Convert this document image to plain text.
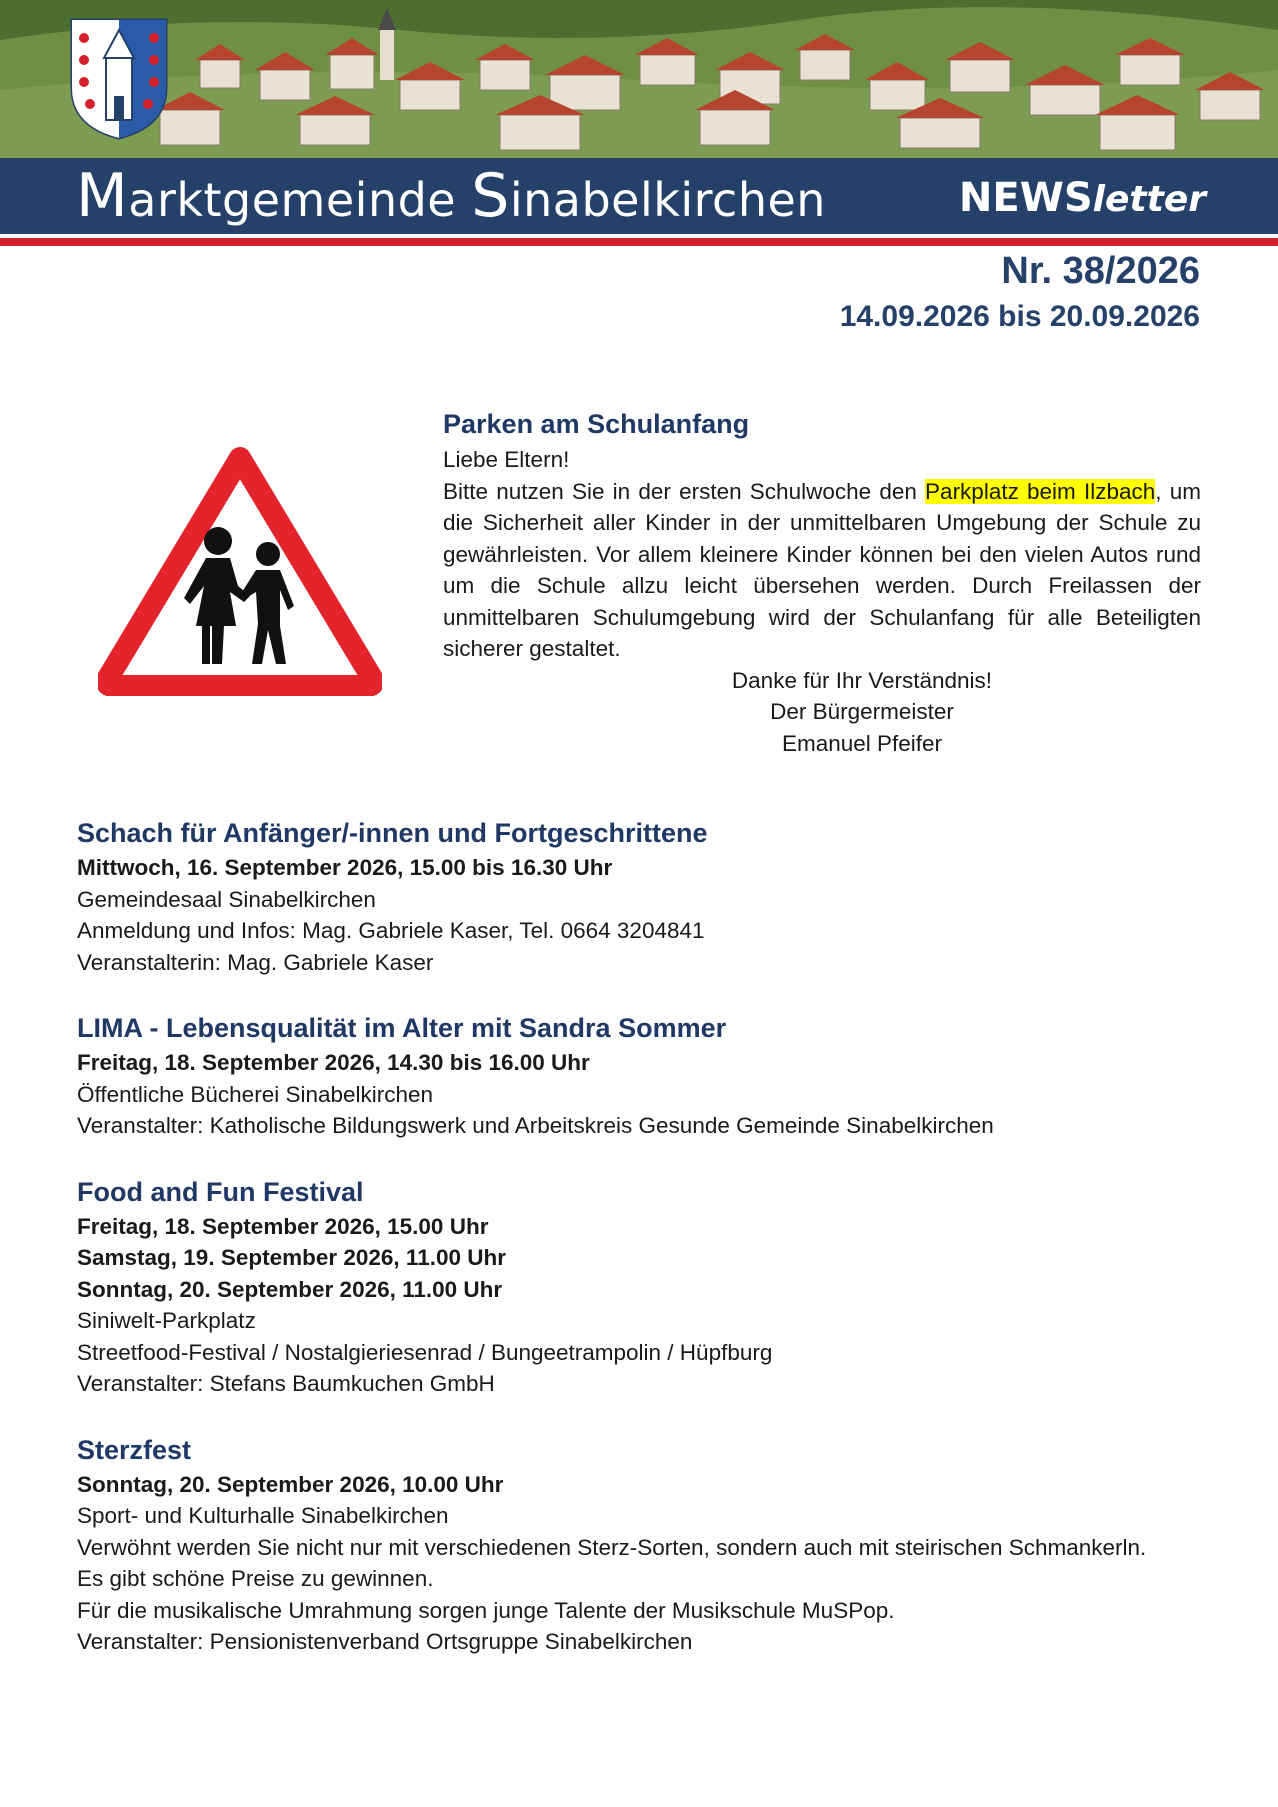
Marktgemeinde Sinabelkirchen	NEWSletter
Nr. 38/2026
14.09.2026 bis 20.09.2026
Parken am Schulanfang

Liebe Eltern!

Bitte nutzen Sie in der ersten Schulwoche den Parkplatz beim Ilzbach, um die Sicherheit aller Kinder in der unmittelbaren Umgebung der Schule zu gewährleisten. Vor allem kleinere Kinder können bei den vielen Autos rund um die Schule allzu leicht übersehen werden. Durch Freilassen der unmittelbaren Schulumgebung wird der Schulanfang für alle Beteiligten sicherer gestaltet.

Danke für Ihr Verständnis!

Der Bürgermeister

Emanuel Pfeifer

Schach für Anfänger/-innen und Fortgeschrittene

Mittwoch, 16. September 2026, 15.00 bis 16.30 Uhr

Gemeindesaal Sinabelkirchen

Anmeldung und Infos: Mag. Gabriele Kaser, Tel. 0664 3204841

Veranstalterin: Mag. Gabriele Kaser

LIMA - Lebensqualität im Alter mit Sandra Sommer

Freitag, 18. September 2026, 14.30 bis 16.00 Uhr

Öffentliche Bücherei Sinabelkirchen

Veranstalter: Katholische Bildungswerk und Arbeitskreis Gesunde Gemeinde Sinabelkirchen

Food and Fun Festival

Freitag, 18. September 2026, 15.00 Uhr

Samstag, 19. September 2026, 11.00 Uhr

Sonntag, 20. September 2026, 11.00 Uhr

Siniwelt-Parkplatz

Streetfood-Festival / Nostalgieriesenrad / Bungeetrampolin / Hüpfburg

Veranstalter: Stefans Baumkuchen GmbH

Sterzfest

Sonntag, 20. September 2026, 10.00 Uhr

Sport- und Kulturhalle Sinabelkirchen

Verwöhnt werden Sie nicht nur mit verschiedenen Sterz-Sorten, sondern auch mit steirischen Schmankerln.

Es gibt schöne Preise zu gewinnen.

Für die musikalische Umrahmung sorgen junge Talente der Musikschule MuSPop.

Veranstalter: Pensionistenverband Ortsgruppe Sinabelkirchen
